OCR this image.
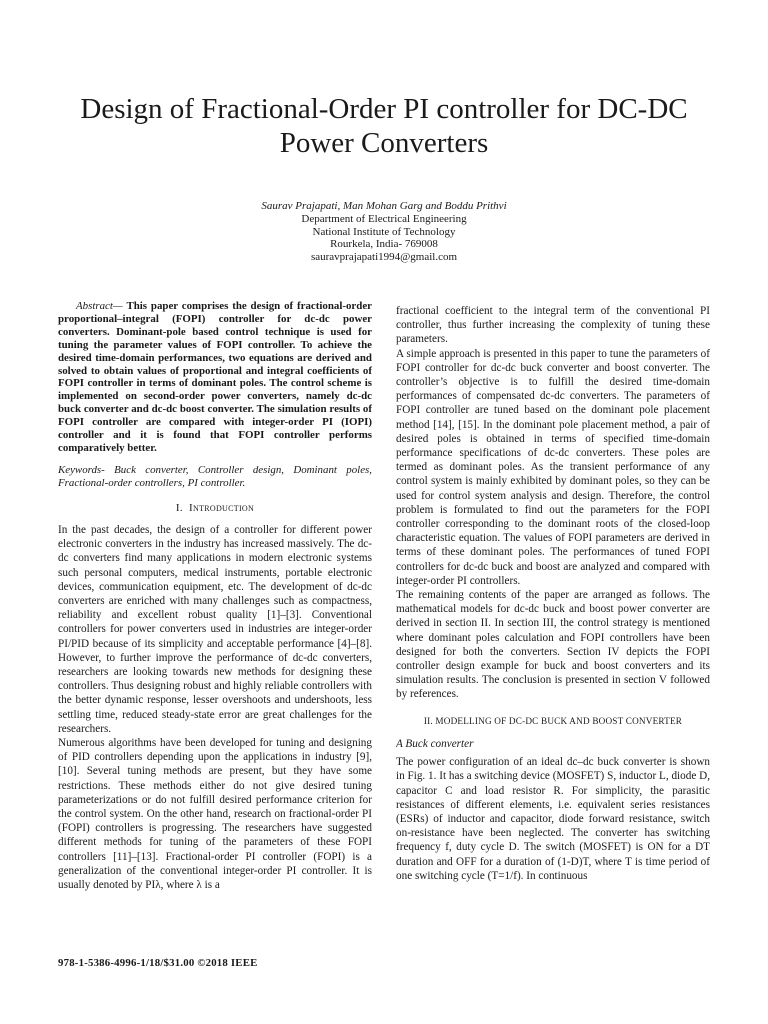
Design of Fractional-Order PI controller for DC-DC Power Converters
Saurav Prajapati, Man Mohan Garg and Boddu Prithvi
Department of Electrical Engineering
National Institute of Technology
Rourkela, India- 769008
sauravprajapati1994@gmail.com

Abstract— This paper comprises the design of fractional-order proportional–integral (FOPI) controller for dc-dc power converters. Dominant-pole based control technique is used for tuning the parameter values of FOPI controller. To achieve the desired time-domain performances, two equations are derived and solved to obtain values of proportional and integral coefficients of FOPI controller in terms of dominant poles. The control scheme is implemented on second-order power converters, namely dc-dc buck converter and dc-dc boost converter. The simulation results of FOPI controller are compared with integer-order PI (IOPI) controller and it is found that FOPI controller performs comparatively better.

Keywords- Buck converter, Controller design, Dominant poles, Fractional-order controllers, PI controller.

I. Introduction

In the past decades, the design of a controller for different power electronic converters in the industry has increased massively. The dc-dc converters find many applications in modern electronic systems such personal computers, medical instruments, portable electronic devices, communication equipment, etc. The development of dc-dc converters are enriched with many challenges such as compactness, reliability and excellent robust quality [1]–[3]. Conventional controllers for power converters used in industries are integer-order PI/PID because of its simplicity and acceptable performance [4]–[8]. However, to further improve the performance of dc-dc converters, researchers are looking towards new methods for designing these controllers. Thus designing robust and highly reliable controllers with the better dynamic response, lesser overshoots and undershoots, less settling time, reduced steady-state error are great challenges for the researchers.

Numerous algorithms have been developed for tuning and designing of PID controllers depending upon the applications in industry [9], [10]. Several tuning methods are present, but they have some restrictions. These methods either do not give desired tuning parameterizations or do not fulfill desired performance criterion for the control system. On the other hand, research on fractional-order PI (FOPI) controllers is progressing. The researchers have suggested different methods for tuning of the parameters of these FOPI controllers [11]–[13]. Fractional-order PI controller (FOPI) is a generalization of the conventional integer-order PI controller. It is usually denoted by PIλ, where λ is a

fractional coefficient to the integral term of the conventional PI controller, thus further increasing the complexity of tuning these parameters.

A simple approach is presented in this paper to tune the parameters of FOPI controller for dc-dc buck converter and boost converter. The controller’s objective is to fulfill the desired time-domain performances of compensated dc-dc converters. The parameters of FOPI controller are tuned based on the dominant pole placement method [14], [15]. In the dominant pole placement method, a pair of desired poles is obtained in terms of specified time-domain performance specifications of dc-dc converters. These poles are termed as dominant poles. As the transient performance of any control system is mainly exhibited by dominant poles, so they can be used for control system analysis and design. Therefore, the control problem is formulated to find out the parameters for the FOPI controller corresponding to the dominant roots of the closed-loop characteristic equation. The values of FOPI parameters are derived in terms of these dominant poles. The performances of tuned FOPI controllers for dc-dc buck and boost are analyzed and compared with integer-order PI controllers.

The remaining contents of the paper are arranged as follows. The mathematical models for dc-dc buck and boost power converter are derived in section II. In section III, the control strategy is mentioned where dominant poles calculation and FOPI controllers have been designed for both the converters. Section IV depicts the FOPI controller design example for buck and boost converters and its simulation results. The conclusion is presented in section V followed by references.

II. MODELLING OF DC-DC BUCK AND BOOST CONVERTER

A Buck converter

The power configuration of an ideal dc–dc buck converter is shown in Fig. 1. It has a switching device (MOSFET) S, inductor L, diode D, capacitor C and load resistor R. For simplicity, the parasitic resistances of different elements, i.e. equivalent series resistances (ESRs) of inductor and capacitor, diode forward resistance, switch on-resistance have been neglected. The converter has switching frequency f, duty cycle D. The switch (MOSFET) is ON for a DT duration and OFF for a duration of (1-D)T, where T is time period of one switching cycle (T=1/f). In continuous

978-1-5386-4996-1/18/$31.00 ©2018 IEEE
